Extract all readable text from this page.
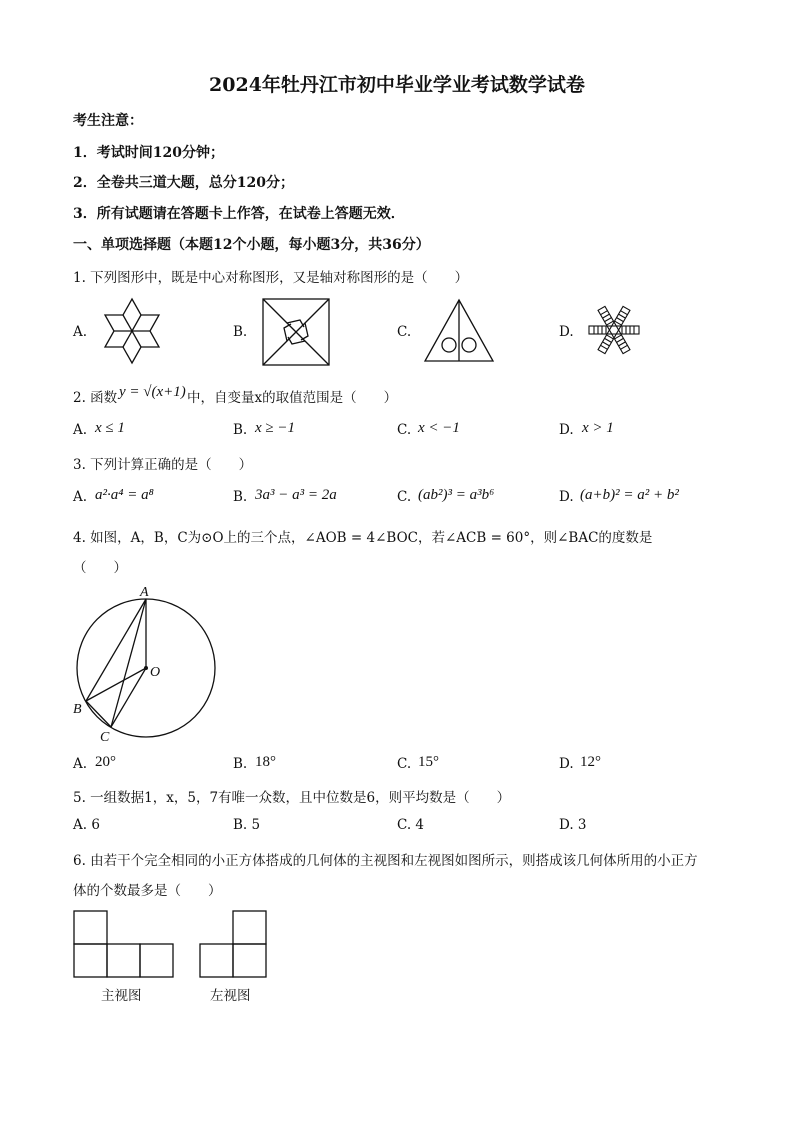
2024年牡丹江市初中毕业学业考试数学试卷
考生注意：
1．考试时间120分钟；
2．全卷共三道大题，总分120分；
3．所有试题请在答题卡上作答，在试卷上答题无效．
一、单项选择题（本题12个小题，每小题3分，共36分）
1. 下列图形中，既是中心对称图形，又是轴对称图形的是（　　）
A.	B.	C.	D.
2. 函数 y = √(x+1) 中，自变量x的取值范围是（　　）
A. x ≤ 1	B. x ≥ −1	C. x < −1	D. x > 1
3. 下列计算正确的是（　　）
A. a²·a⁴ = a⁸	B. 3a³ − a³ = 2a	C. (ab²)³ = a³b⁶	D. (a+b)² = a² + b²
4. 如图，A，B，C为⊙O上的三个点，∠AOB = 4∠BOC，若∠ACB = 60°，则∠BAC的度数是
（　　）
A
O
B
C
A. 20°	B. 18°	C. 15°	D. 12°
5. 一组数据1，x，5，7有唯一众数，且中位数是6，则平均数是（　　）
A. 6	B. 5	C. 4	D. 3
6. 由若干个完全相同的小正方体搭成的几何体的主视图和左视图如图所示，则搭成该几何体所用的小正方
体的个数最多是（　　）
主视图	左视图
